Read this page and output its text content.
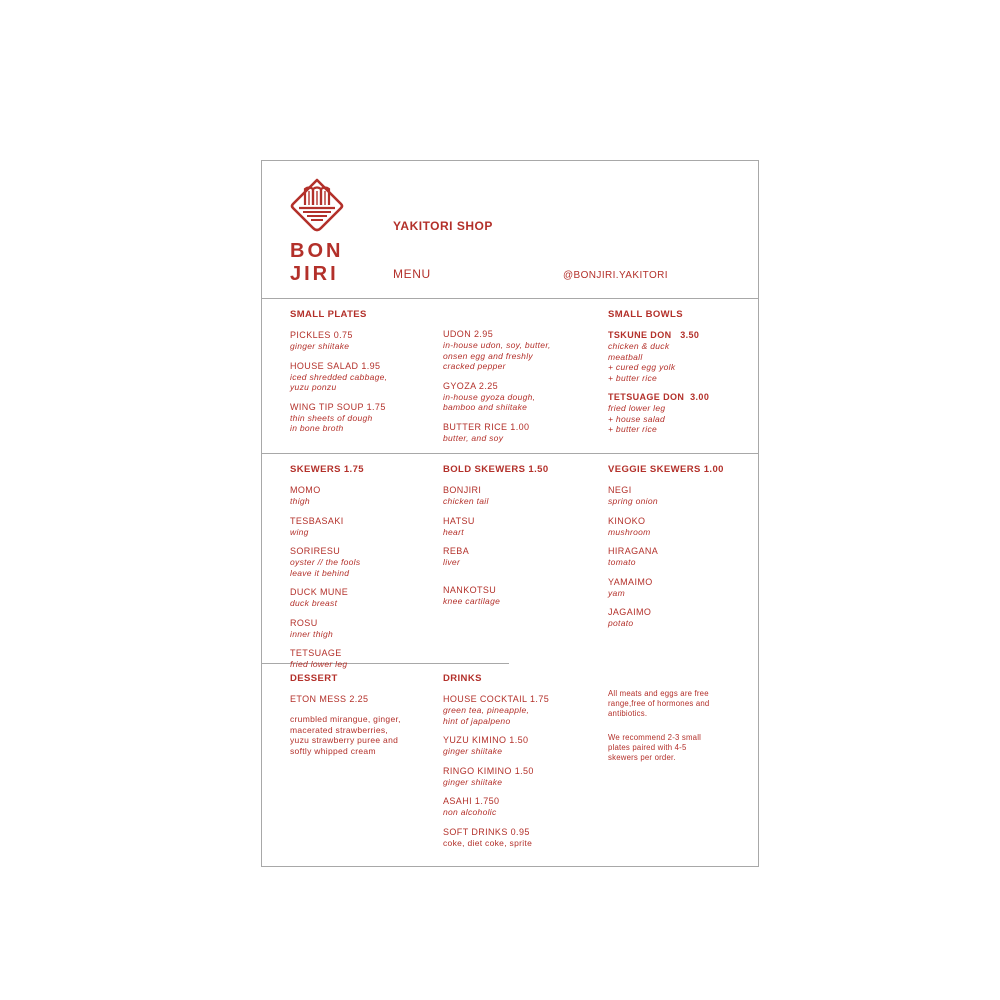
BON
JIRI
YAKITORI SHOP
MENU	@BONJIRI.YAKITORI
SMALL PLATES
PICKLES 0.75
ginger shiitake
HOUSE SALAD 1.95
iced shredded cabbage,
yuzu ponzu
WING TIP SOUP 1.75
thin sheets of dough
in bone broth
UDON 2.95
in-house udon, soy, butter,
onsen egg and freshly
cracked pepper
GYOZA 2.25
in-house gyoza dough,
bamboo and shiitake
BUTTER RICE 1.00
butter, and soy
SMALL BOWLS
TSKUNE DON   3.50
chicken & duck
meatball
+ cured egg yolk
+ butter rice
TETSUAGE DON  3.00
fried lower leg
+ house salad
+ butter rice
SKEWERS 1.75
MOMO
thigh
TESBASAKI
wing
SORIRESU
oyster // the fools
leave it behind
DUCK MUNE
duck breast
ROSU
inner thigh
TETSUAGE
fried lower leg
BOLD SKEWERS 1.50
BONJIRI
chicken tail
HATSU
heart
REBA
liver
NANKOTSU
knee cartilage
VEGGIE SKEWERS 1.00
NEGI
spring onion
KINOKO
mushroom
HIRAGANA
tomato
YAMAIMO
yam
JAGAIMO
potato
DESSERT
ETON MESS 2.25
crumbled mirangue, ginger,
macerated strawberries,
yuzu strawberry puree and
softly whipped cream
DRINKS
HOUSE COCKTAIL 1.75
green tea, pineapple,
hint of japalpeno
YUZU KIMINO 1.50
ginger shiitake
RINGO KIMINO 1.50
ginger shiitake
ASAHI 1.750
non alcoholic
SOFT DRINKS 0.95
coke, diet coke, sprite
All meats and eggs are free
range,free of hormones and
antibiotics.
We recommend 2-3 small
plates paired with 4-5
skewers per order.
